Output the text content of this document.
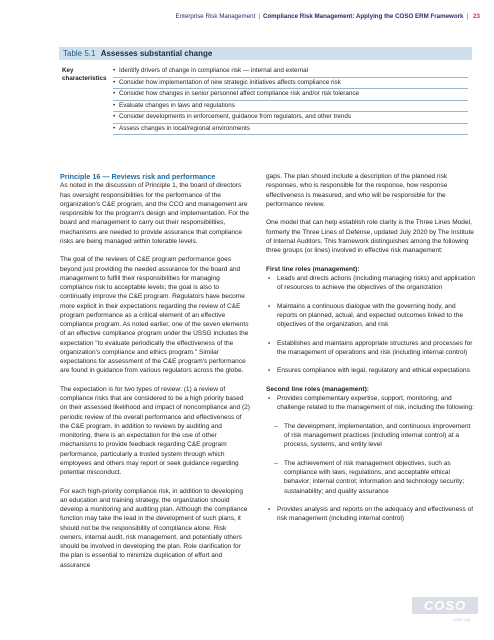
Enterprise Risk Management | Compliance Risk Management: Applying the COSO ERM Framework | 23
Table 5.1 Assesses substantial change
Key
characteristics
• Identify drivers of change in compliance risk — internal and external
• Consider how implementation of new strategic initiatives affects compliance risk
• Consider how changes in senior personnel affect compliance risk and/or risk tolerance
• Evaluate changes in laws and regulations
• Consider developments in enforcement, guidance from regulators, and other trends
• Assess changes in local/regional environments

Principle 16 — Reviews risk and performance

As noted in the discussion of Principle 1, the board of directors has oversight responsibilities for the performance of the organization's C&E program, and the CCO and management are responsible for the program's design and implementation. For the board and management to carry out their responsibilities, mechanisms are needed to provide assurance that compliance risks are being managed within tolerable levels.

The goal of the reviews of C&E program performance goes beyond just providing the needed assurance for the board and management to fulfill their responsibilities for managing compliance risk to acceptable levels; the goal is also to continually improve the C&E program. Regulators have become more explicit in their expectations regarding the review of C&E program performance as a critical element of an effective compliance program. As noted earlier, one of the seven elements of an effective compliance program under the USSG includes the expectation "to evaluate periodically the effectiveness of the organization's compliance and ethics program." Similar expectations for assessment of the C&E program's performance are found in guidance from various regulators across the globe.

The expectation is for two types of review: (1) a review of compliance risks that are considered to be a high priority based on their assessed likelihood and impact of noncompliance and (2) periodic review of the overall performance and effectiveness of the C&E program. In addition to reviews by auditing and monitoring, there is an expectation for the use of other mechanisms to provide feedback regarding C&E program performance, particularly a trusted system through which employees and others may report or seek guidance regarding potential misconduct.

For each high-priority compliance risk, in addition to developing an education and training strategy, the organization should develop a monitoring and auditing plan. Although the compliance function may take the lead in the development of such plans, it should not be the responsibility of compliance alone. Risk owners, internal audit, risk management, and potentially others should be involved in developing the plan. Role clarification for the plan is essential to minimize duplication of effort and assurance

gaps. The plan should include a description of the planned risk responses, who is responsible for the response, how response effectiveness is measured, and who will be responsible for the performance review.

One model that can help establish role clarity is the Three Lines Model, formerly the Three Lines of Defense, updated July 2020 by The Institute of Internal Auditors. This framework distinguishes among the following three groups (or lines) involved in effective risk management:

First line roles (management):

• Leads and directs actions (including managing risks) and application of resources to achieve the objectives of the organization
• Maintains a continuous dialogue with the governing body, and reports on planned, actual, and expected outcomes linked to the objectives of the organization, and risk
• Establishes and maintains appropriate structures and processes for the management of operations and risk (including internal control)
• Ensures compliance with legal, regulatory and ethical expectations

Second line roles (management):

• Provides complementary expertise, support, monitoring, and challenge related to the management of risk, including the following:
– The development, implementation, and continuous improvement of risk management practices (including internal control) at a process, systems, and entity level
– The achievement of risk management objectives, such as compliance with laws, regulations, and acceptable ethical behavior; internal control; information and technology security; sustainability; and quality assurance
• Provides analysis and reports on the adequacy and effectiveness of risk management (including internal control)
COSO
coso.org
